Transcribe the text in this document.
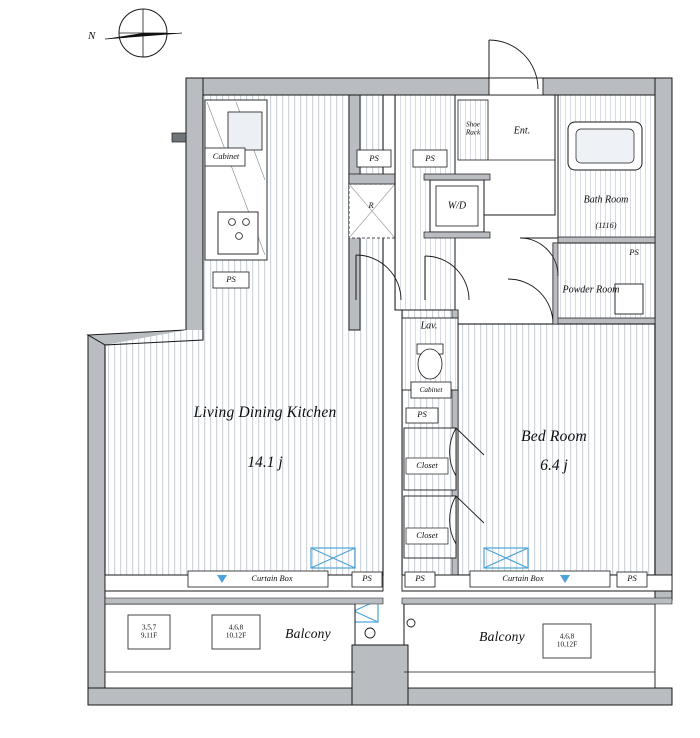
N
Living Dining Kitchen
14.1 j
Bed Room
6.4 j
Cabinet
Shoe Rack	Ent.
W/D
R
Bath Room
(1116)
Powder Room
Lav.
Cabinet
Closet
Closet
Curtain Box	Curtain Box
Balcony	Balcony
PS
PS	PS
PS
PS
PS	PS	PS
3,5,7
9,11F
4,6,8
10,12F	4,6,8
10,12F
